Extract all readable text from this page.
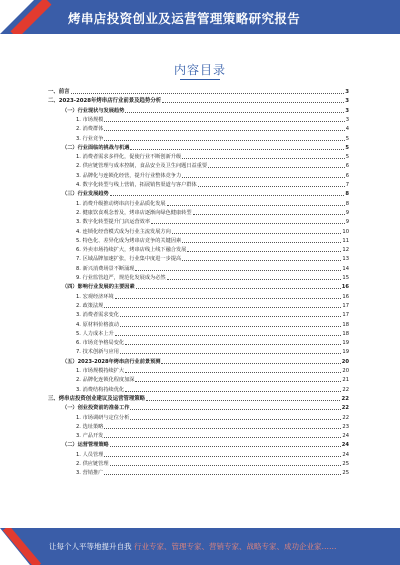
烤串店投资创业及运营管理策略研究报告
内容目录
一、前言	3
二、2023-2028年烤串店行业前景及趋势分析	3
（一）行业现状与发展趋势	3
1. 市场规模	3
2. 消费群体	4
3. 行业竞争	5
（二）行业面临的挑战与机遇	5
1. 消费者需求多样化，促使行业不断创新升级	5
2. 供应链管理与成本控制，食品安全及卫生问题日益重要	6
3. 品牌化与连锁化经营，提升行业整体竞争力	6
4. 数字化转型与线上营销，拓展销售渠道与客户群体	7
（三）行业发展趋势	8
1. 消费升级推动烤串店行业品质化发展	8
2. 健康饮食观念普及，烤串店逐渐向绿色健康转型	9
3. 数字化转型提升门店运营效率	9
4. 连锁化经营模式成为行业主流发展方向	10
5. 特色化、差异化成为烤串店竞争的关键因素	11
6. 外卖市场持续扩大，烤串店线上线下融合发展	12
7. 区域品牌加速扩张，行业集中度进一步提高	13
8. 新兴消费场景不断涌现	14
9. 行业监管趋严，规范化发展成为必然	15
（四）影响行业发展的主要因素	16
1. 宏观经济环境	16
2. 政策法规	17
3. 消费者需求变化	17
4. 原材料价格波动	18
5. 人力成本上升	18
6. 市场竞争格局变化	19
7. 技术创新与应用	19
（五）2023-2028年烤串店行业前景预测	20
1. 市场规模持续扩大	20
2. 品牌化连锁化程度加深	21
3. 消费结构持续优化	22
三、烤串店投资创业建议及运营管理策略	22
（一）创业投资前的准备工作	22
1. 市场调研与定位分析	22
2. 选址策略	23
3. 产品开发	24
（二）运营管理策略	24
1. 人员管理	24
2. 供应链管理	25
3. 营销推广	25
让每个人平等地提升自我 行业专家、管理专家、营销专家、战略专家、成功企业家……
